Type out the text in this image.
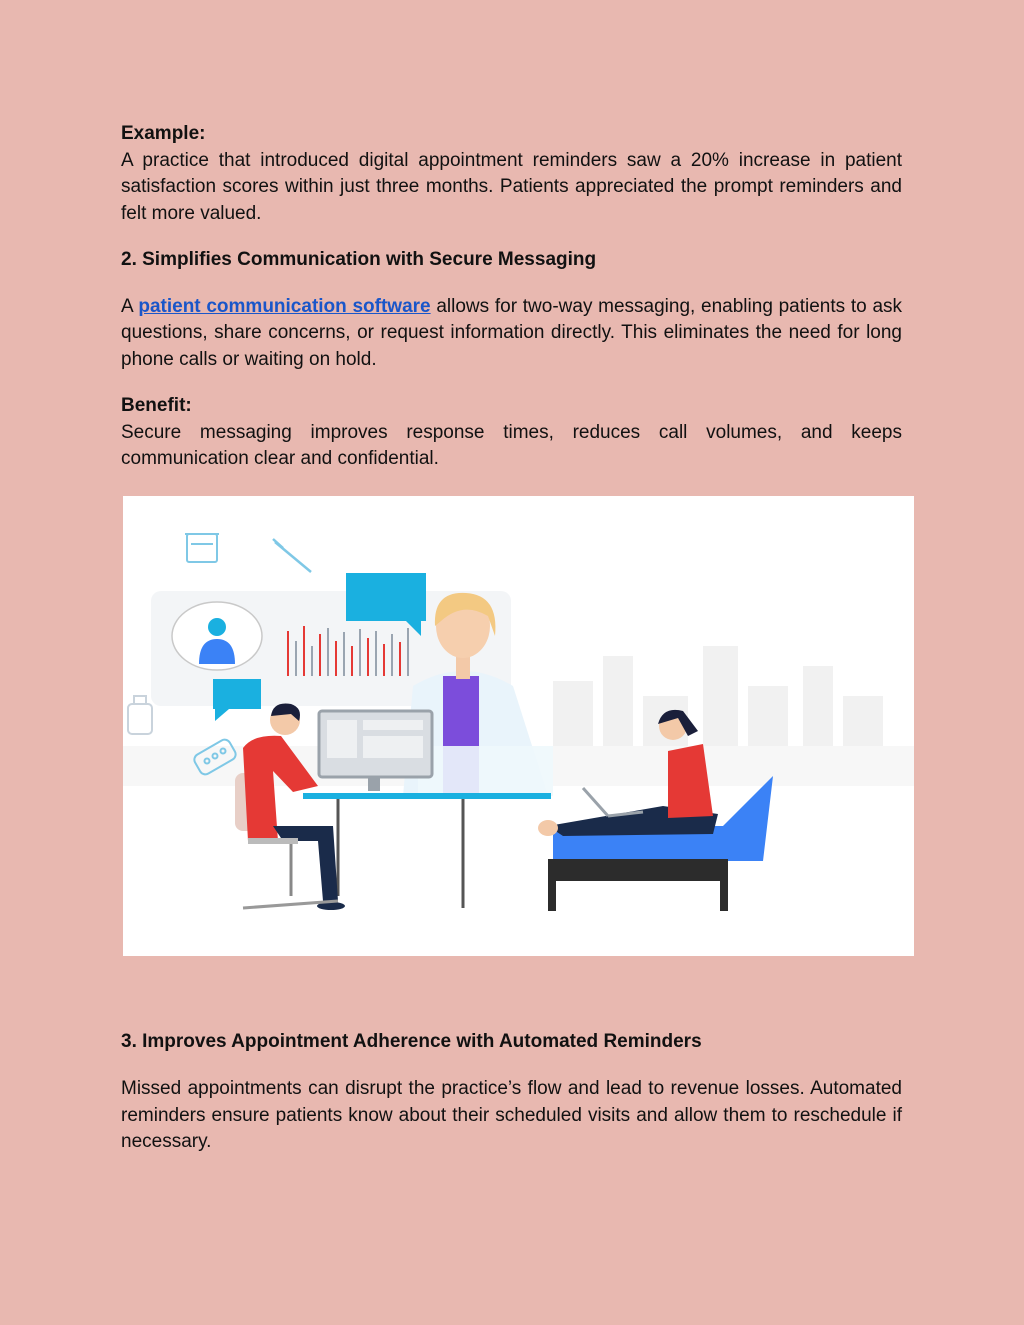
Example:

A practice that introduced digital appointment reminders saw a 20% increase in patient satisfaction scores within just three months. Patients appreciated the prompt reminders and felt more valued.

2. Simplifies Communication with Secure Messaging

A patient communication software allows for two-way messaging, enabling patients to ask questions, share concerns, or request information directly. This eliminates the need for long phone calls or waiting on hold.

Benefit:

Secure messaging improves response times, reduces call volumes, and keeps communication clear and confidential.

3. Improves Appointment Adherence with Automated Reminders

Missed appointments can disrupt the practice’s flow and lead to revenue losses. Automated reminders ensure patients know about their scheduled visits and allow them to reschedule if necessary.
